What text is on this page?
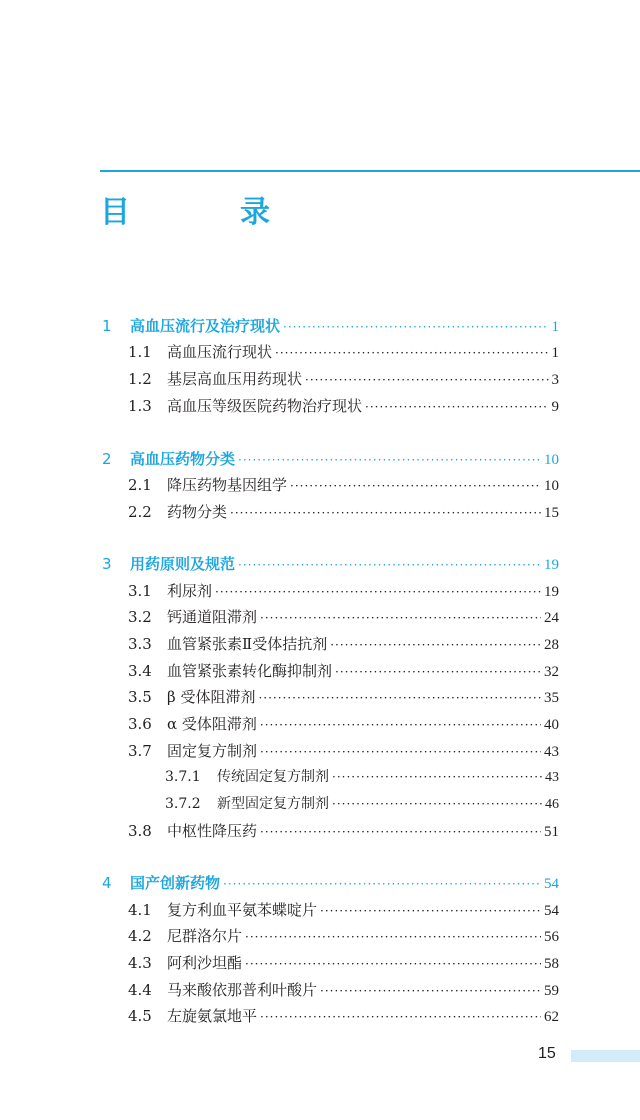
目　录
1	高血压流行及治疗现状 ·····	1
1.1	高血压流行现状 ·····	1
1.2	基层高血压用药现状 ·····	3
1.3	高血压等级医院药物治疗现状 ·····	9
2	高血压药物分类 ·····	10
2.1	降压药物基因组学 ·····	10
2.2	药物分类 ·····	15
3	用药原则及规范 ·····	19
3.1	利尿剂 ·····	19
3.2	钙通道阻滞剂 ·····	24
3.3	血管紧张素Ⅱ受体拮抗剂 ·····	28
3.4	血管紧张素转化酶抑制剂 ·····	32
3.5	β 受体阻滞剂 ·····	35
3.6	α 受体阻滞剂 ·····	40
3.7	固定复方制剂 ·····	43
3.7.1	传统固定复方制剂 ·····	43
3.7.2	新型固定复方制剂 ·····	46
3.8	中枢性降压药 ·····	51
4	国产创新药物 ·····	54
4.1	复方利血平氨苯蝶啶片 ·····	54
4.2	尼群洛尔片 ·····	56
4.3	阿利沙坦酯 ·····	58
4.4	马来酸依那普利叶酸片 ·····	59
4.5	左旋氨氯地平 ·····	62
15
